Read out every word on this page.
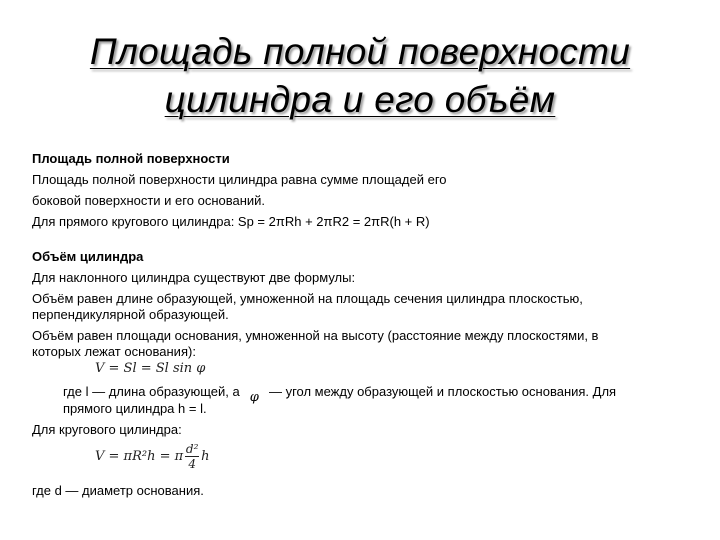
Площадь полной поверхности
цилиндра и его объём
Площадь полной поверхности
Площадь полной поверхности цилиндра равна сумме площадей его
боковой поверхности и его оснований.
Для прямого кругового цилиндра: Sp = 2πRh + 2πR2 = 2πR(h + R)
Объём цилиндра
Для наклонного цилиндра существуют две формулы:
Объём равен длине образующей, умноженной на площадь сечения цилиндра плоскостью,
перпендикулярной образующей.
Объём равен площади основания, умноженной на высоту (расстояние между плоскостями, в
которых лежат основания):
V = Sl = Sl sin φ
где l — длина образующей, а φ — угол между образующей и плоскостью основания. Для
прямого цилиндра h = l.
Для кругового цилиндра:
V = πR²h = π d²
4 h
где d — диаметр основания.
